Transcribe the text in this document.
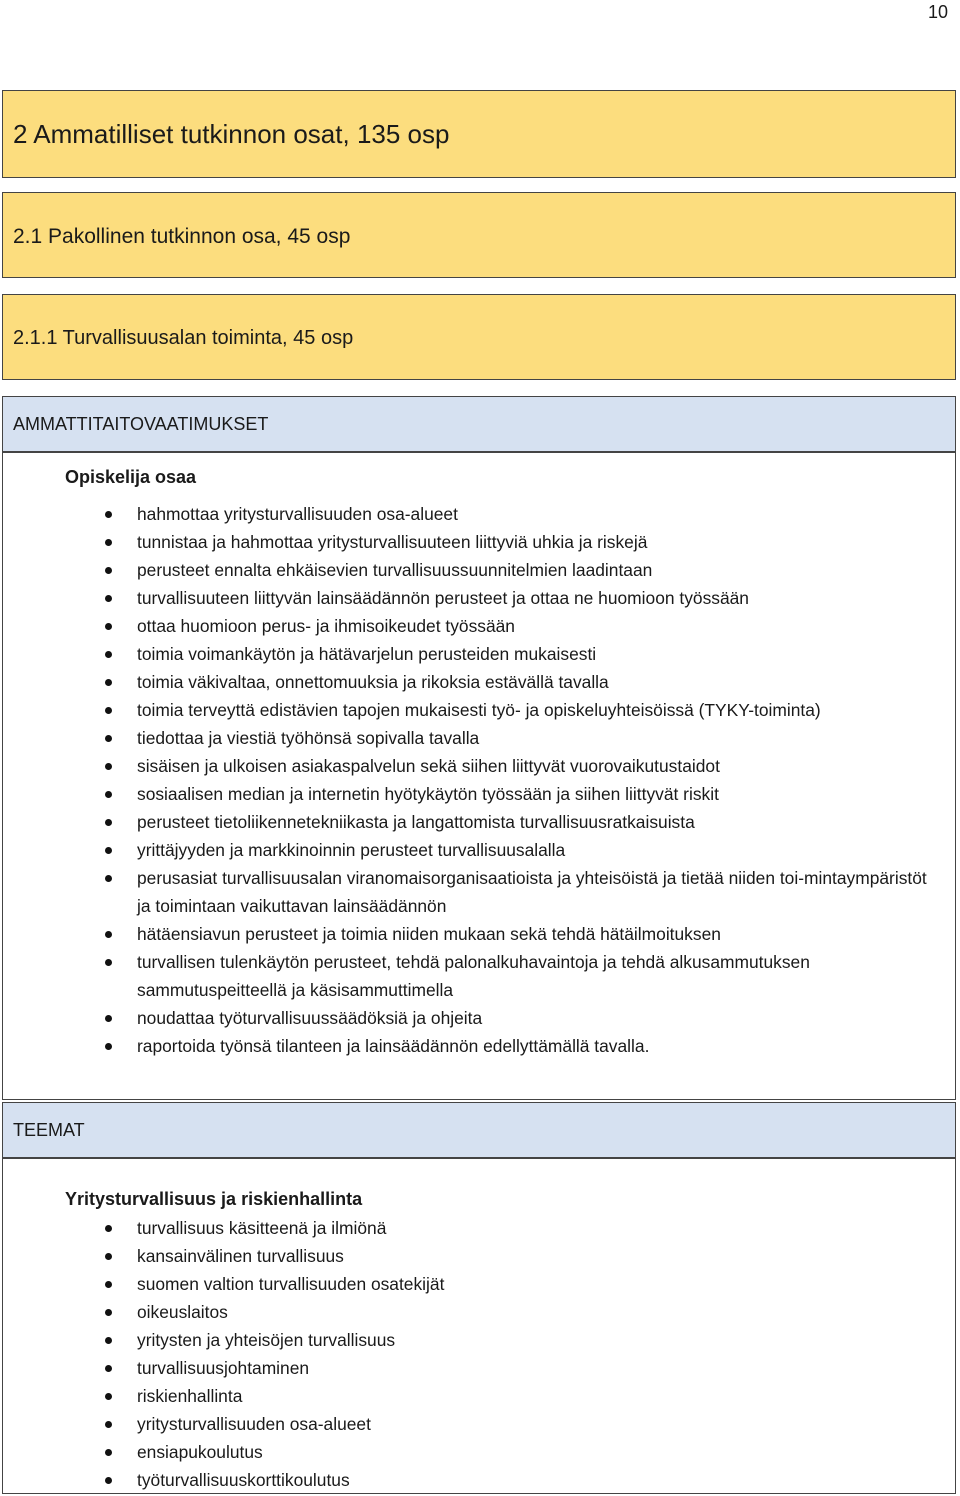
10
2 Ammatilliset tutkinnon osat, 135 osp
2.1 Pakollinen tutkinnon osa, 45 osp
2.1.1 Turvallisuusalan toiminta, 45 osp
AMMATTITAITOVAATIMUKSET
Opiskelija osaa
hahmottaa yritysturvallisuuden osa-alueet
tunnistaa ja hahmottaa yritysturvallisuuteen liittyviä uhkia ja riskejä
perusteet ennalta ehkäisevien turvallisuussuunnitelmien laadintaan
turvallisuuteen liittyvän lainsäädännön perusteet ja ottaa ne huomioon työssään
ottaa huomioon perus- ja ihmisoikeudet työssään
toimia voimankäytön ja hätävarjelun perusteiden mukaisesti
toimia väkivaltaa, onnettomuuksia ja rikoksia estävällä tavalla
toimia terveyttä edistävien tapojen mukaisesti työ- ja opiskeluyhteisöissä (TYKY-toiminta)
tiedottaa ja viestiä työhönsä sopivalla tavalla
sisäisen ja ulkoisen asiakaspalvelun sekä siihen liittyvät vuorovaikutustaidot
sosiaalisen median ja internetin hyötykäytön työssään ja siihen liittyvät riskit
perusteet tietoliikennetekniikasta ja langattomista turvallisuusratkaisuista
yrittäjyyden ja markkinoinnin perusteet turvallisuusalalla
perusasiat turvallisuusalan viranomaisorganisaatioista ja yhteisöistä ja tietää niiden toi-mintaympäristöt ja toimintaan vaikuttavan lainsäädännön
hätäensiavun perusteet ja toimia niiden mukaan sekä tehdä hätäilmoituksen
turvallisen tulenkäytön perusteet, tehdä palonalkuhavaintoja ja tehdä alkusammutuksen sammutuspeitteellä ja käsisammuttimella
noudattaa työturvallisuussäädöksiä ja ohjeita
raportoida työnsä tilanteen ja lainsäädännön edellyttämällä tavalla.
TEEMAT
Yritysturvallisuus ja riskienhallinta
turvallisuus käsitteenä ja ilmiönä
kansainvälinen turvallisuus
suomen valtion turvallisuuden osatekijät
oikeuslaitos
yritysten ja yhteisöjen turvallisuus
turvallisuusjohtaminen
riskienhallinta
yritysturvallisuuden osa-alueet
ensiapukoulutus
työturvallisuuskorttikoulutus
